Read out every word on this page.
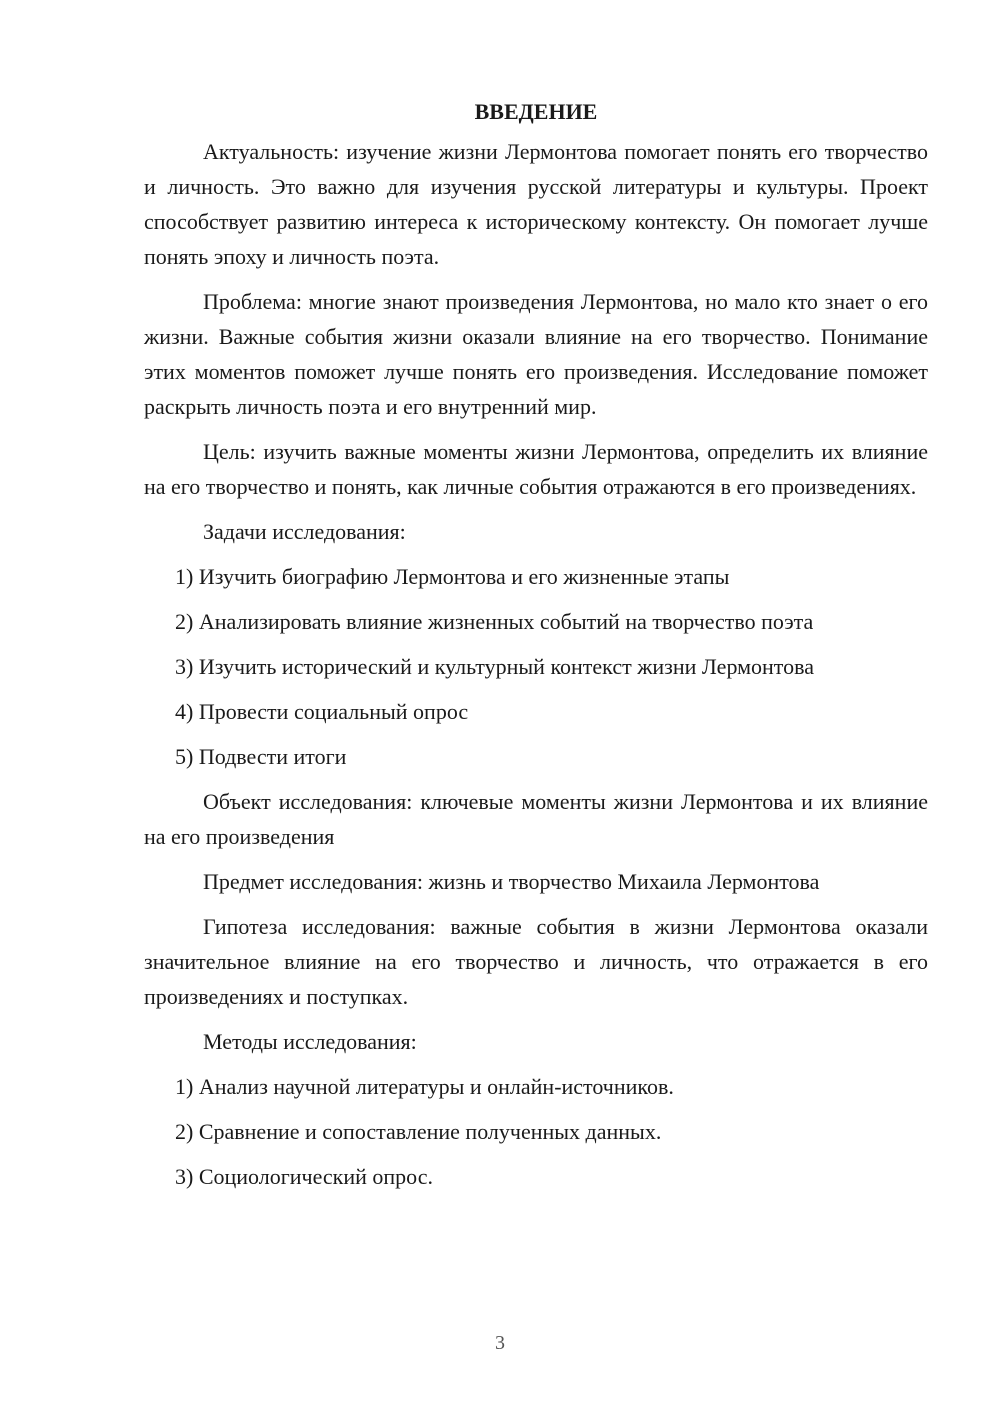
ВВЕДЕНИЕ

Актуальность: изучение жизни Лермонтова помогает понять его творчество и личность. Это важно для изучения русской литературы и культуры. Проект способствует развитию интереса к историческому контексту. Он помогает лучше понять эпоху и личность поэта.

Проблема: многие знают произведения Лермонтова, но мало кто знает о его жизни. Важные события жизни оказали влияние на его творчество. Понимание этих моментов поможет лучше понять его произведения. Исследование поможет раскрыть личность поэта и его внутренний мир.

Цель: изучить важные моменты жизни Лермонтова, определить их влияние на его творчество и понять, как личные события отражаются в его произведениях.

Задачи исследования:

1) Изучить биографию Лермонтова и его жизненные этапы
2) Анализировать влияние жизненных событий на творчество поэта
3) Изучить исторический и культурный контекст жизни Лермонтова
4) Провести социальный опрос
5) Подвести итоги

Объект исследования: ключевые моменты жизни Лермонтова и их влияние на его произведения

Предмет исследования: жизнь и творчество Михаила Лермонтова

Гипотеза исследования: важные события в жизни Лермонтова оказали значительное влияние на его творчество и личность, что отражается в его произведениях и поступках.

Методы исследования:

1) Анализ научной литературы и онлайн-источников.
2) Сравнение и сопоставление полученных данных.
3) Социологический опрос.
3
